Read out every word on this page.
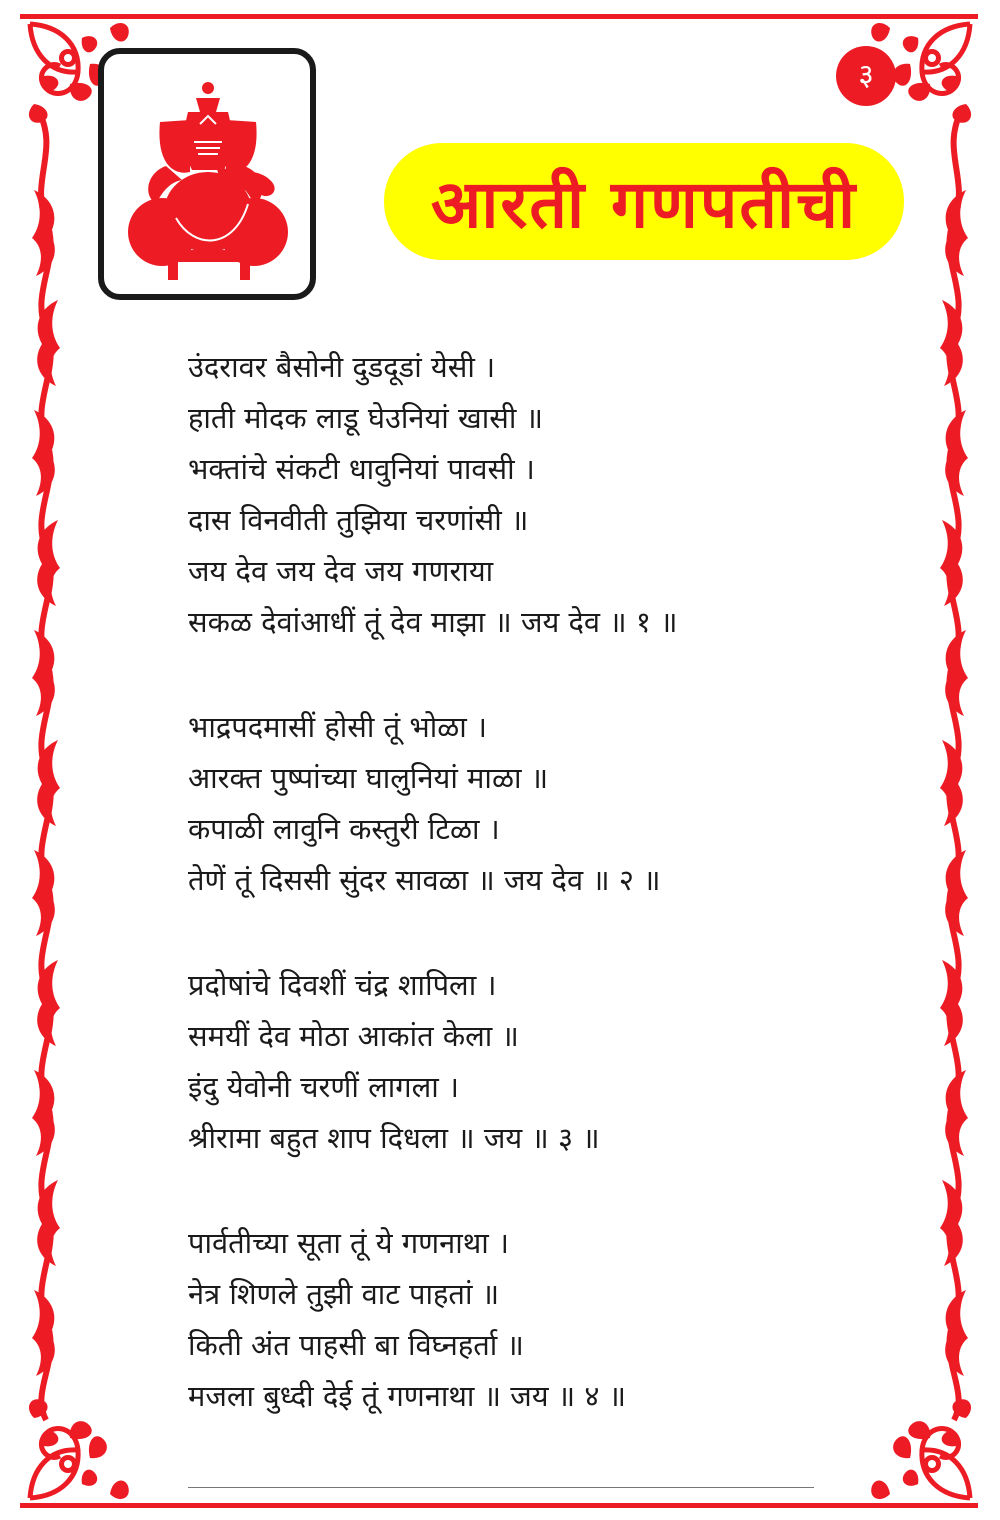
३
आरती गणपतीची
उंदरावर बैसोनी दुडदूडां येसी ।
हाती मोदक लाडू घेउनियां खासी ॥
भक्तांचे संकटी धावुनियां पावसी ।
दास विनवीती तुझिया चरणांसी ॥
जय देव जय देव जय गणराया
सकळ देवांआधीं तूं देव माझा ॥ जय देव ॥ १ ॥
भाद्रपदमासीं होसी तूं भोळा ।
आरक्त पुष्पांच्या घालुनियां माळा ॥
कपाळी लावुनि कस्तुरी टिळा ।
तेणें तूं दिससी सुंदर सावळा ॥ जय देव ॥ २ ॥
प्रदोषांचे दिवशीं चंद्र शापिला ।
समयीं देव मोठा आकांत केला ॥
इंदु येवोनी चरणीं लागला ।
श्रीरामा बहुत शाप दिधला ॥ जय ॥ ३ ॥
पार्वतीच्या सूता तूं ये गणनाथा ।
नेत्र शिणले तुझी वाट पाहतां ॥
किती अंत पाहसी बा विघ्नहर्ता ॥
मजला बुध्दी देई तूं गणनाथा ॥ जय ॥ ४ ॥
